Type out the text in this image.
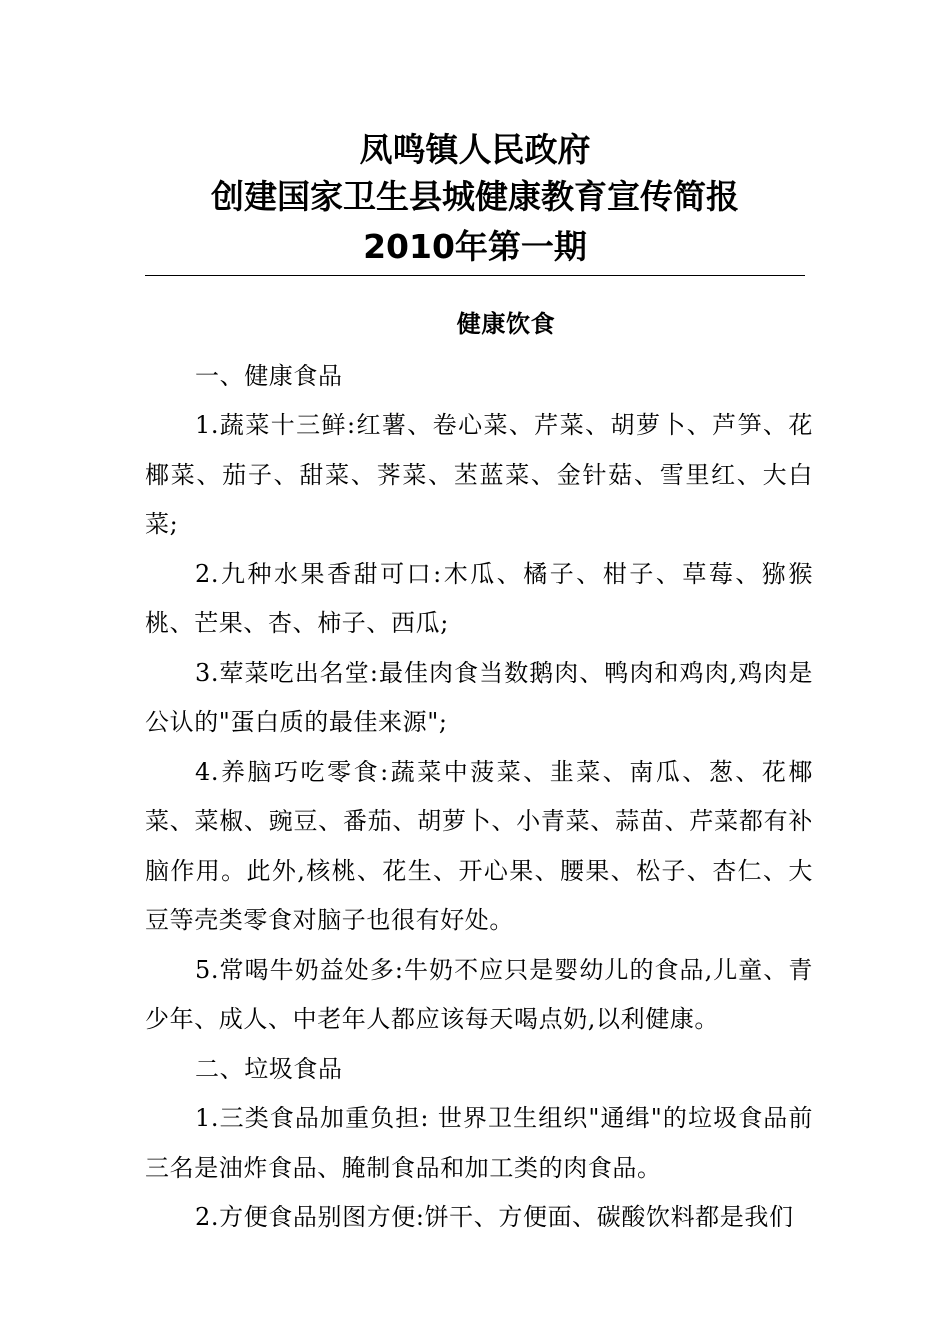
凤鸣镇人民政府
创建国家卫生县城健康教育宣传简报
2010年第一期
健康饮食

一、健康食品

1.蔬菜十三鲜:红薯、卷心菜、芹菜、胡萝卜、芦笋、花椰菜、茄子、甜菜、荠菜、苤蓝菜、金针菇、雪里红、大白菜;

2.九种水果香甜可口:木瓜、橘子、柑子、草莓、猕猴桃、芒果、杏、柿子、西瓜;

3.荤菜吃出名堂:最佳肉食当数鹅肉、鸭肉和鸡肉,鸡肉是公认的"蛋白质的最佳来源";

4.养脑巧吃零食:蔬菜中菠菜、韭菜、南瓜、葱、花椰菜、菜椒、豌豆、番茄、胡萝卜、小青菜、蒜苗、芹菜都有补脑作用。此外,核桃、花生、开心果、腰果、松子、杏仁、大豆等壳类零食对脑子也很有好处。

5.常喝牛奶益处多:牛奶不应只是婴幼儿的食品,儿童、青少年、成人、中老年人都应该每天喝点奶,以利健康。

二、垃圾食品

1.三类食品加重负担: 世界卫生组织"通缉"的垃圾食品前三名是油炸食品、腌制食品和加工类的肉食品。

2.方便食品别图方便:饼干、方便面、碳酸饮料都是我们
